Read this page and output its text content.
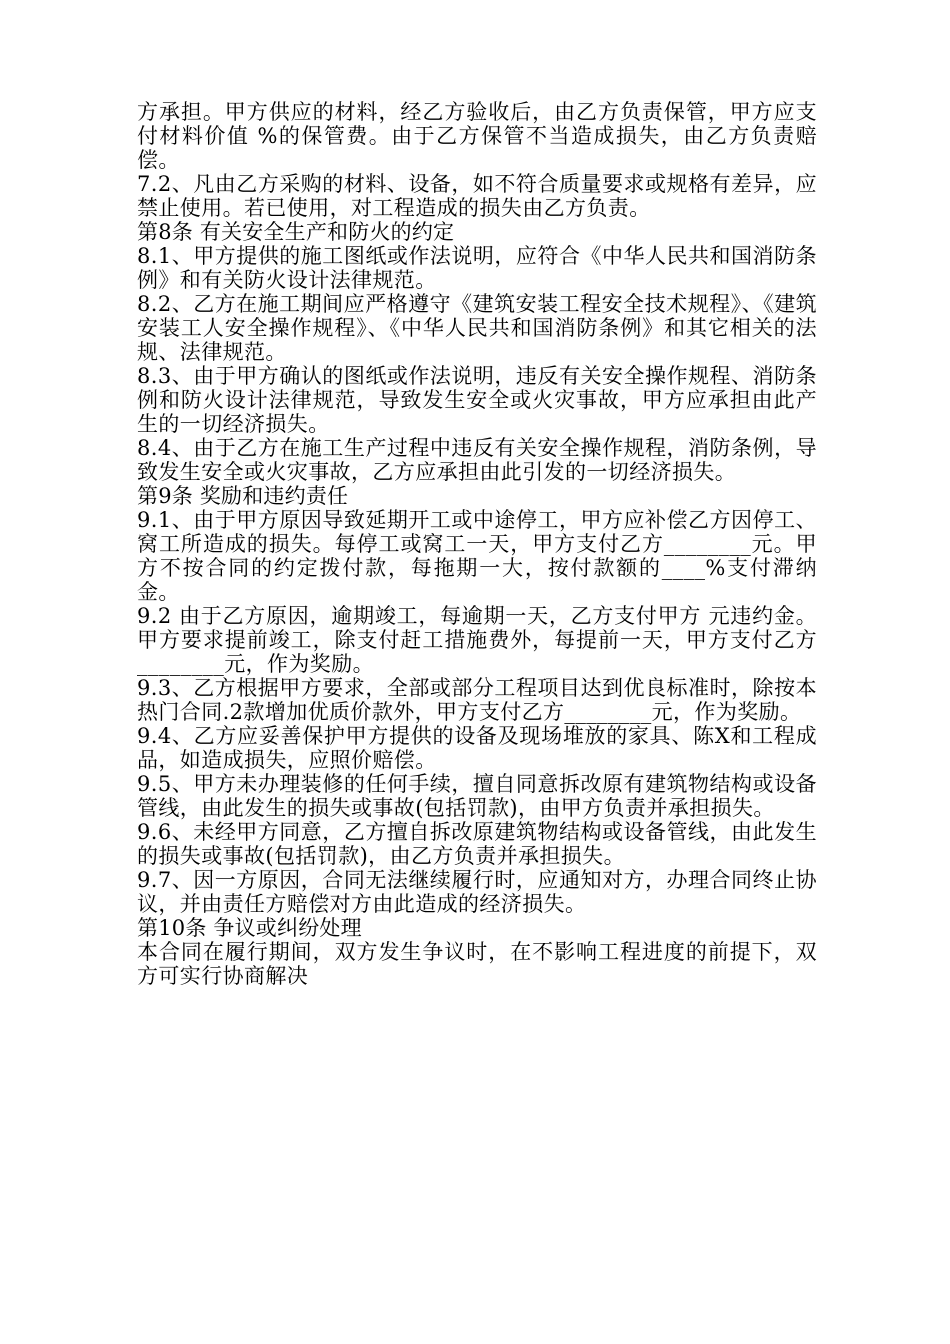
方承担。甲方供应的材料，经乙方验收后，由乙方负责保管，甲方应支付材料价值 %的保管费。由于乙方保管不当造成损失，由乙方负责赔偿。

7.2、凡由乙方采购的材料、设备，如不符合质量要求或规格有差异，应禁止使用。若已使用，对工程造成的损失由乙方负责。

第8条 有关安全生产和防火的约定

8.1、甲方提供的施工图纸或作法说明，应符合《中华人民共和国消防条例》和有关防火设计法律规范。

8.2、乙方在施工期间应严格遵守《建筑安装工程安全技术规程》、《建筑安装工人安全操作规程》、《中华人民共和国消防条例》和其它相关的法规、法律规范。

8.3、由于甲方确认的图纸或作法说明，违反有关安全操作规程、消防条例和防火设计法律规范，导致发生安全或火灾事故，甲方应承担由此产生的一切经济损失。

8.4、由于乙方在施工生产过程中违反有关安全操作规程，消防条例，导致发生安全或火灾事故，乙方应承担由此引发的一切经济损失。

第9条 奖励和违约责任

9.1、由于甲方原因导致延期开工或中途停工，甲方应补偿乙方因停工、窝工所造成的损失。每停工或窝工一天，甲方支付乙方________元。甲方不按合同的约定拨付款，每拖期一大，按付款额的____%支付滞纳金。

9.2 由于乙方原因，逾期竣工，每逾期一天，乙方支付甲方 元违约金。甲方要求提前竣工，除支付赶工措施费外，每提前一天，甲方支付乙方________元，作为奖励。

9.3、乙方根据甲方要求，全部或部分工程项目达到优良标准时，除按本热门合同.2款增加优质价款外，甲方支付乙方________元，作为奖励。

9.4、乙方应妥善保护甲方提供的设备及现场堆放的家具、陈X和工程成品，如造成损失，应照价赔偿。

9.5、甲方未办理装修的任何手续，擅自同意拆改原有建筑物结构或设备管线，由此发生的损失或事故(包括罚款)，由甲方负责并承担损失。

9.6、未经甲方同意，乙方擅自拆改原建筑物结构或设备管线，由此发生的损失或事故(包括罚款)，由乙方负责并承担损失。

9.7、因一方原因，合同无法继续履行时，应通知对方，办理合同终止协议，并由责任方赔偿对方由此造成的经济损失。

第10条 争议或纠纷处理

本合同在履行期间，双方发生争议时，在不影响工程进度的前提下，双方可实行协商解决
